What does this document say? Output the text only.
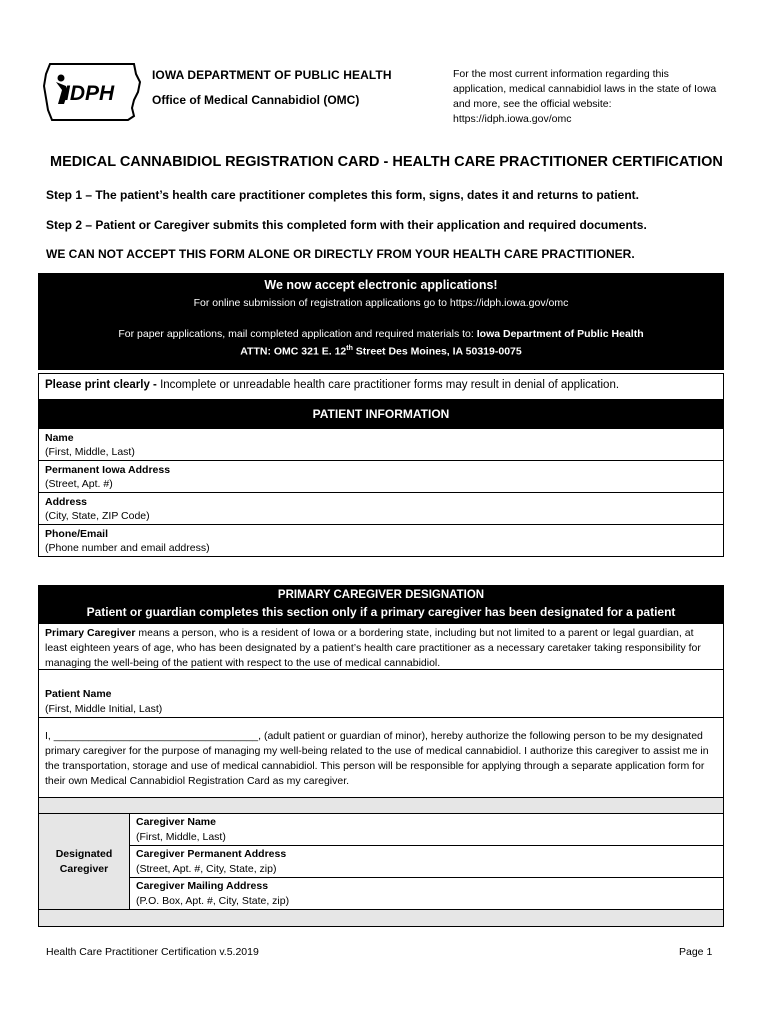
IDPH
IOWA DEPARTMENT OF PUBLIC HEALTH
Office of Medical Cannabidiol (OMC)
For the most current information regarding this application, medical cannabidiol laws in the state of Iowa and more, see the official website: https://idph.iowa.gov/omc
MEDICAL CANNABIDIOL REGISTRATION CARD - HEALTH CARE PRACTITIONER CERTIFICATION
Step 1 – The patient’s health care practitioner completes this form, signs, dates it and returns to patient.
Step 2 – Patient or Caregiver submits this completed form with their application and required documents.
WE CAN NOT ACCEPT THIS FORM ALONE OR DIRECTLY FROM YOUR HEALTH CARE PRACTITIONER.
We now accept electronic applications!
For online submission of registration applications go to https://idph.iowa.gov/omc
For paper applications, mail completed application and required materials to: Iowa Department of Public Health
ATTN: OMC 321 E. 12th Street Des Moines, IA 50319-0075
Please print clearly - Incomplete or unreadable health care practitioner forms may result in denial of application.
PATIENT INFORMATION
Name
(First, Middle, Last)
Permanent Iowa Address
(Street, Apt. #)
Address
(City, State, ZIP Code)
Phone/Email
(Phone number and email address)
PRIMARY CAREGIVER DESIGNATION
Patient or guardian completes this section only if a primary caregiver has been designated for a patient
Primary Caregiver means a person, who is a resident of Iowa or a bordering state, including but not limited to a parent or legal guardian, at least eighteen years of age, who has been designated by a patient’s health care practitioner as a necessary caretaker taking responsibility for managing the well-being of the patient with respect to the use of medical cannabidiol.
Patient Name
(First, Middle Initial, Last)
I, ___________________________________, (adult patient or guardian of minor), hereby authorize the following person to be my designated primary caregiver for the purpose of managing my well-being related to the use of medical cannabidiol. I authorize this caregiver to assist me in the transportation, storage and use of medical cannabidiol. This person will be responsible for applying through a separate application form for their own Medical Cannabidiol Registration Card as my caregiver.
Designated
Caregiver
Caregiver Name
(First, Middle, Last)
Caregiver Permanent Address
(Street, Apt. #, City, State, zip)
Caregiver Mailing Address
(P.O. Box, Apt. #, City, State, zip)
Health Care Practitioner Certification v.5.2019	Page 1
